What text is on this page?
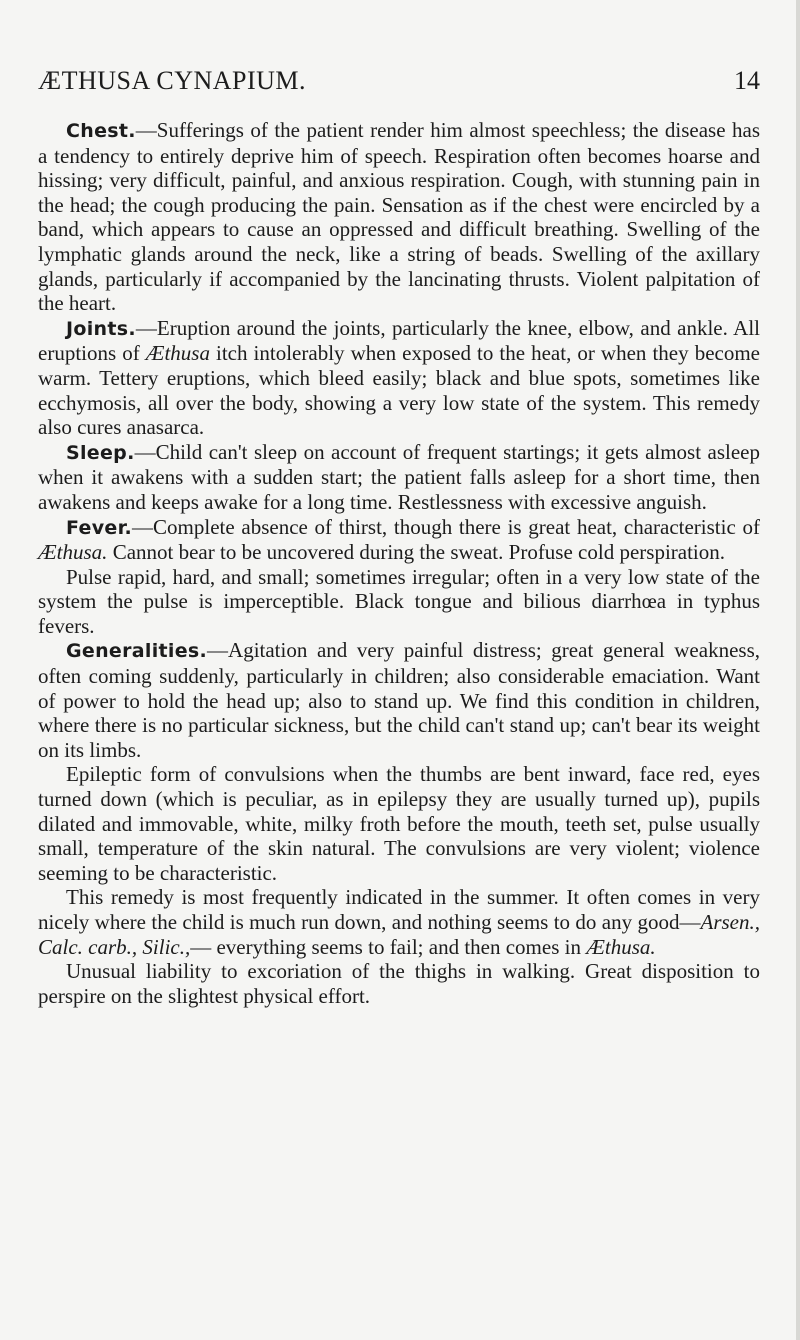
ÆTHUSA CYNAPIUM.	14

Chest.—Sufferings of the patient render him almost speechless; the disease has a tendency to entirely deprive him of speech. Respiration often becomes hoarse and hissing; very difficult, painful, and anxious respiration. Cough, with stunning pain in the head; the cough producing the pain. Sensation as if the chest were encircled by a band, which appears to cause an oppressed and difficult breathing. Swelling of the lymphatic glands around the neck, like a string of beads. Swelling of the axillary glands, particularly if accompanied by the lancinating thrusts. Violent palpitation of the heart.

Joints.—Eruption around the joints, particularly the knee, elbow, and ankle. All eruptions of Æthusa itch intolerably when exposed to the heat, or when they become warm. Tettery eruptions, which bleed easily; black and blue spots, sometimes like ecchymosis, all over the body, showing a very low state of the system. This remedy also cures anasarca.

Sleep.—Child can't sleep on account of frequent startings; it gets almost asleep when it awakens with a sudden start; the patient falls asleep for a short time, then awakens and keeps awake for a long time. Restlessness with excessive anguish.

Fever.—Complete absence of thirst, though there is great heat, characteristic of Æthusa. Cannot bear to be uncovered during the sweat. Profuse cold perspiration.

Pulse rapid, hard, and small; sometimes irregular; often in a very low state of the system the pulse is imperceptible. Black tongue and bilious diarrhœa in typhus fevers.

Generalities.—Agitation and very painful distress; great general weakness, often coming suddenly, particularly in children; also considerable emaciation. Want of power to hold the head up; also to stand up. We find this condition in children, where there is no particular sickness, but the child can't stand up; can't bear its weight on its limbs.

Epileptic form of convulsions when the thumbs are bent inward, face red, eyes turned down (which is peculiar, as in epilepsy they are usually turned up), pupils dilated and immovable, white, milky froth before the mouth, teeth set, pulse usually small, temperature of the skin natural. The convulsions are very violent; violence seeming to be characteristic.

This remedy is most frequently indicated in the summer. It often comes in very nicely where the child is much run down, and nothing seems to do any good—Arsen., Calc. carb., Silic.,— everything seems to fail; and then comes in Æthusa.

Unusual liability to excoriation of the thighs in walking. Great disposition to perspire on the slightest physical effort.
